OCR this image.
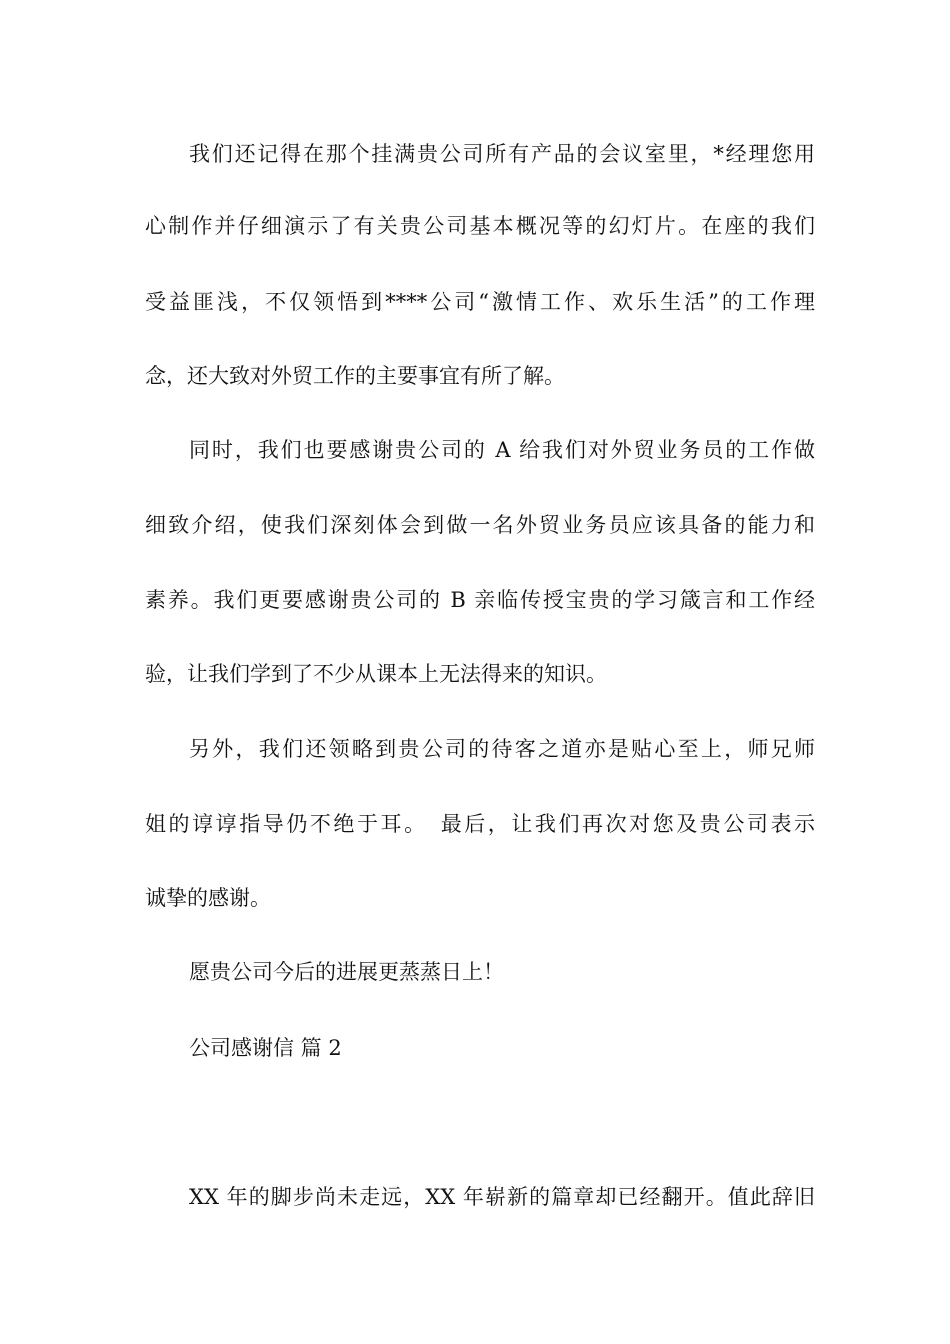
我们还记得在那个挂满贵公司所有产品的会议室里，*经理您用
心制作并仔细演示了有关贵公司基本概况等的幻灯片。在座的我们
受益匪浅，不仅领悟到****公司“激情工作、欢乐生活”的工作理
念，还大致对外贸工作的主要事宜有所了解。
同时，我们也要感谢贵公司的 A 给我们对外贸业务员的工作做
细致介绍，使我们深刻体会到做一名外贸业务员应该具备的能力和
素养。我们更要感谢贵公司的 B 亲临传授宝贵的学习箴言和工作经
验，让我们学到了不少从课本上无法得来的知识。
另外，我们还领略到贵公司的待客之道亦是贴心至上，师兄师
姐的谆谆指导仍不绝于耳。　最后，让我们再次对您及贵公司表示
诚挚的感谢。
愿贵公司今后的进展更蒸蒸日上！
公司感谢信 篇 2
XX 年的脚步尚未走远，XX 年崭新的篇章却已经翻开。值此辞旧
